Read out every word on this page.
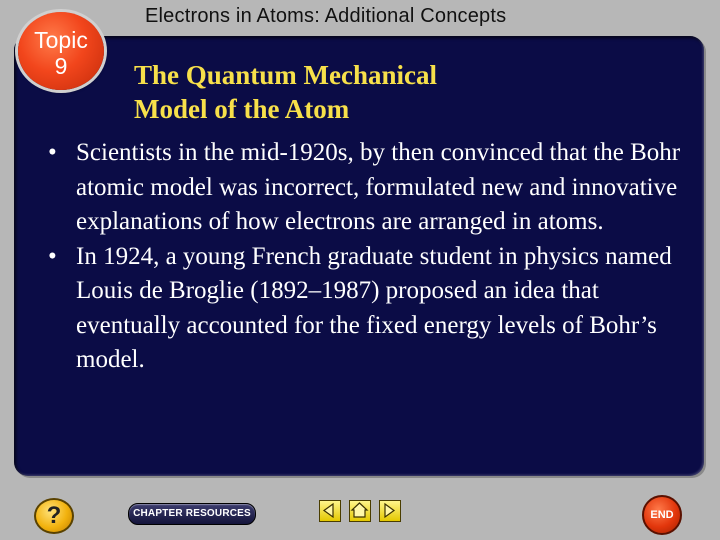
Electrons in Atoms: Additional Concepts
Topic
9	The Quantum Mechanical
Model of the Atom
• Scientists in the mid-1920s, by then convinced that the Bohr atomic model was incorrect, formulated new and innovative explanations of how electrons are arranged in atoms.
• In 1924, a young French graduate student in physics named Louis de Broglie (1892–1987) proposed an idea that eventually accounted for the fixed energy levels of Bohr’s model.
?	CHAPTER RESOURCES	END
